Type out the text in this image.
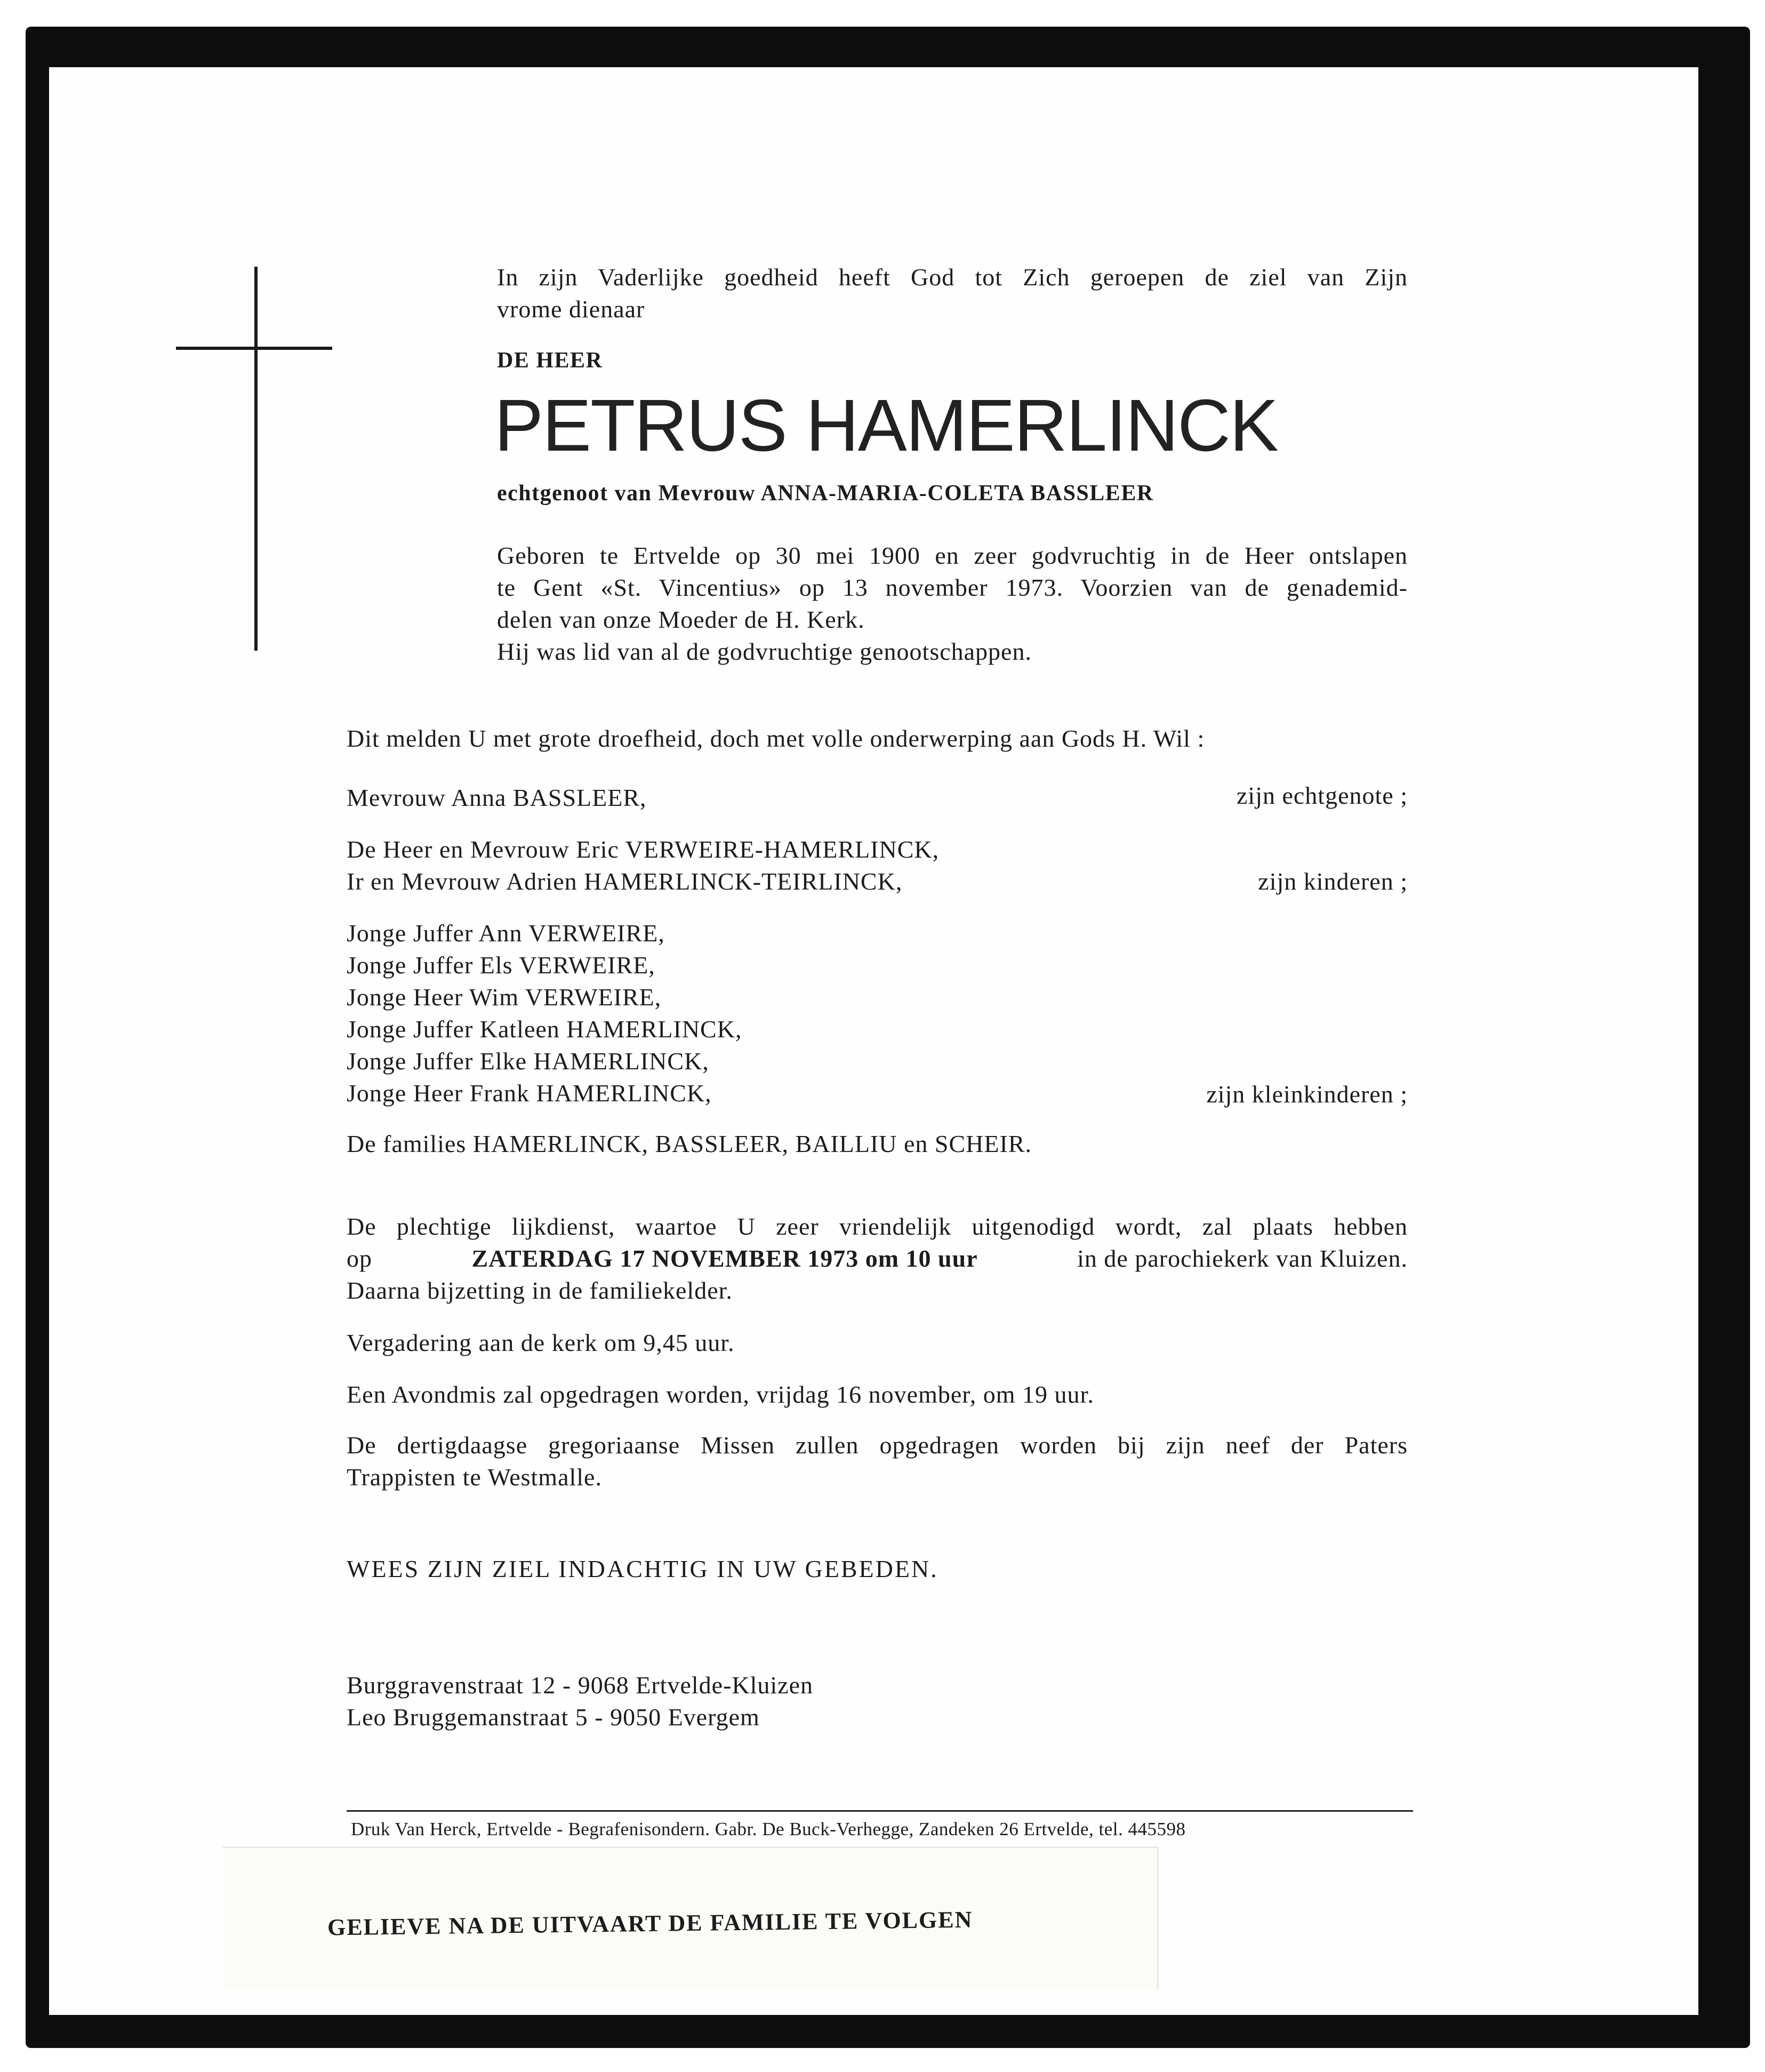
In zijn Vaderlijke goedheid heeft God tot Zich geroepen de ziel van Zijn
vrome dienaar
DE HEER
PETRUS HAMERLINCK
echtgenoot van Mevrouw ANNA-MARIA-COLETA BASSLEER
Geboren te Ertvelde op 30 mei 1900 en zeer godvruchtig in de Heer ontslapen
te Gent «St. Vincentius» op 13 november 1973. Voorzien van de genademid-
delen van onze Moeder de H. Kerk.
Hij was lid van al de godvruchtige genootschappen.
Dit melden U met grote droefheid, doch met volle onderwerping aan Gods H. Wil :
Mevrouw Anna BASSLEER,	zijn echtgenote ;
De Heer en Mevrouw Eric VERWEIRE-HAMERLINCK,
Ir en Mevrouw Adrien HAMERLINCK-TEIRLINCK,	zijn kinderen ;
Jonge Juffer Ann VERWEIRE,
Jonge Juffer Els VERWEIRE,
Jonge Heer Wim VERWEIRE,
Jonge Juffer Katleen HAMERLINCK,
Jonge Juffer Elke HAMERLINCK,
Jonge Heer Frank HAMERLINCK,	zijn kleinkinderen ;
De families HAMERLINCK, BASSLEER, BAILLIU en SCHEIR.
De plechtige lijkdienst, waartoe U zeer vriendelijk uitgenodigd wordt, zal plaats hebben
op	ZATERDAG 17 NOVEMBER 1973 om 10 uur	in de parochiekerk van Kluizen.
Daarna bijzetting in de familiekelder.
Vergadering aan de kerk om 9,45 uur.
Een Avondmis zal opgedragen worden, vrijdag 16 november, om 19 uur.
De dertigdaagse gregoriaanse Missen zullen opgedragen worden bij zijn neef der Paters
Trappisten te Westmalle.
WEES ZIJN ZIEL INDACHTIG IN UW GEBEDEN.
Burggravenstraat 12 - 9068 Ertvelde-Kluizen
Leo Bruggemanstraat 5 - 9050 Evergem
Druk Van Herck, Ertvelde - Begrafenisondern. Gabr. De Buck-Verhegge, Zandeken 26 Ertvelde, tel. 445598
GELIEVE NA DE UITVAART DE FAMILIE TE VOLGEN
